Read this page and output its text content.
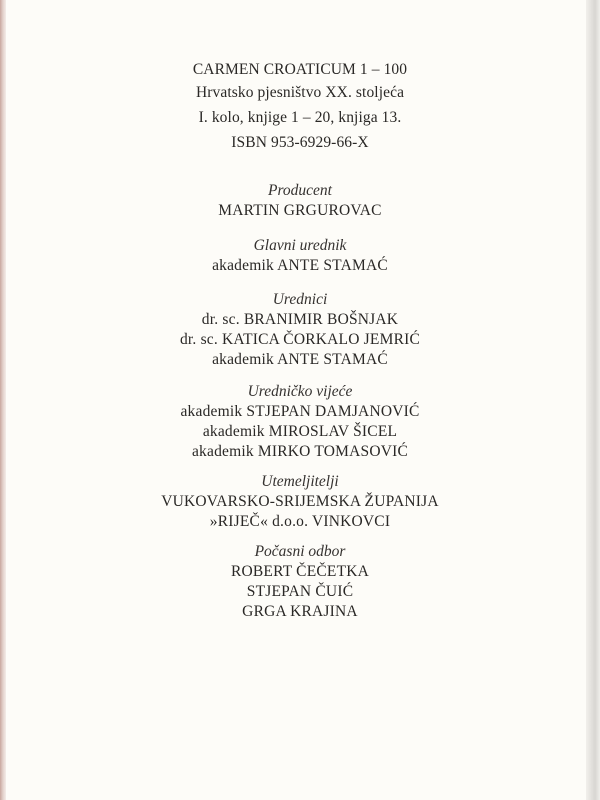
CARMEN CROATICUM 1 – 100
Hrvatsko pjesništvo XX. stoljeća
I. kolo, knjige 1 – 20, knjiga 13.
ISBN 953-6929-66-X
Producent
MARTIN GRGUROVAC
Glavni urednik
akademik ANTE STAMAĆ
Urednici
dr. sc. BRANIMIR BOŠNJAK
dr. sc. KATICA ČORKALO JEMRIĆ
akademik ANTE STAMAĆ
Uredničko vijeće
akademik STJEPAN DAMJANOVIĆ
akademik MIROSLAV ŠICEL
akademik MIRKO TOMASOVIĆ
Utemeljitelji
VUKOVARSKO-SRIJEMSKA ŽUPANIJA
»RIJEČ« d.o.o. VINKOVCI
Počasni odbor
ROBERT ČEČETKA
STJEPAN ČUIĆ
GRGA KRAJINA
